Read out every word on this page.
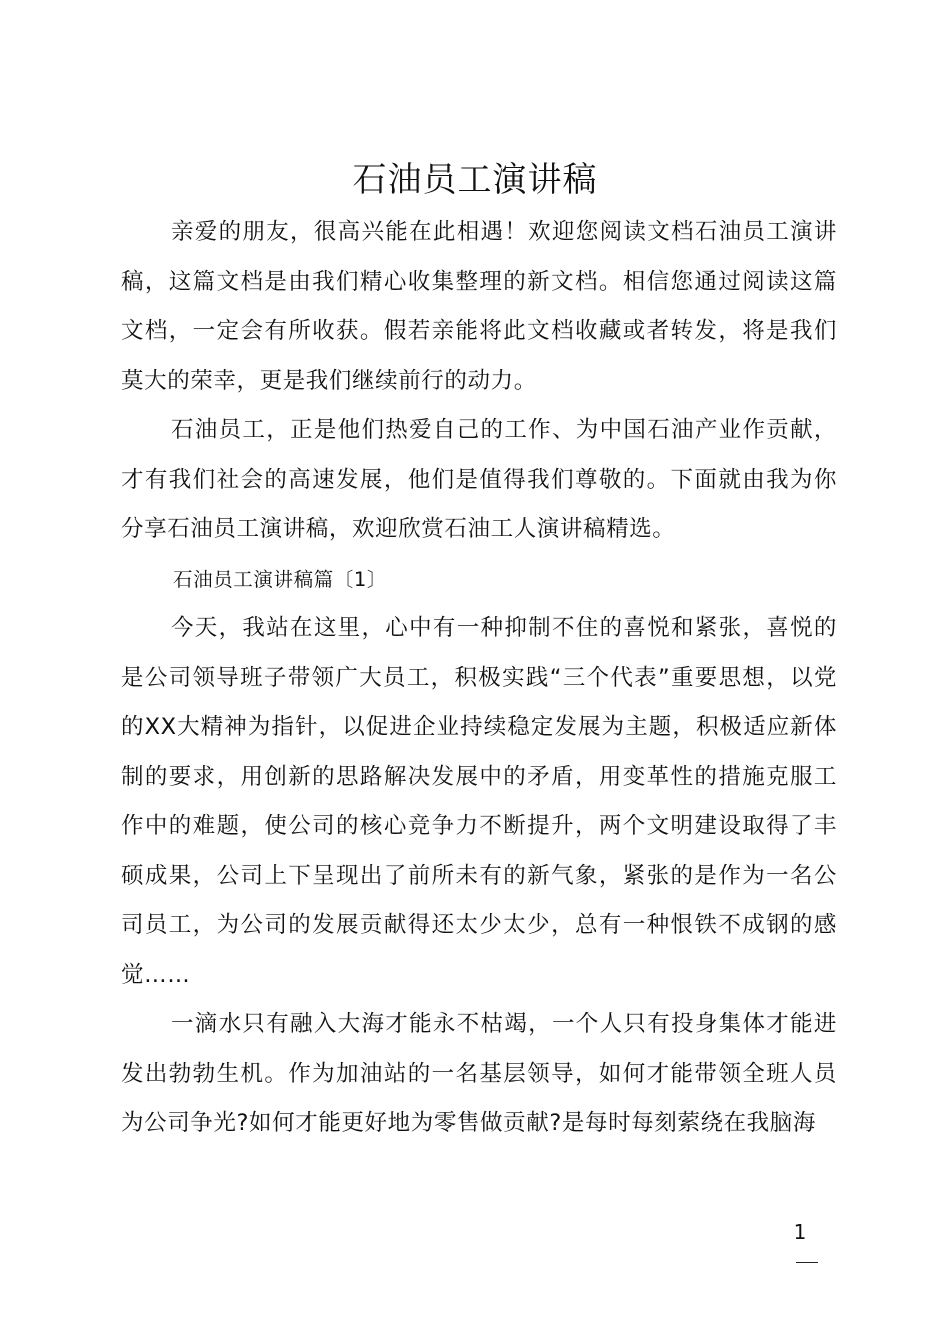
石油员工演讲稿

亲爱的朋友，很高兴能在此相遇！欢迎您阅读文档石油员工演讲稿，这篇文档是由我们精心收集整理的新文档。相信您通过阅读这篇文档，一定会有所收获。假若亲能将此文档收藏或者转发，将是我们莫大的荣幸，更是我们继续前行的动力。

石油员工，正是他们热爱自己的工作、为中国石油产业作贡献，才有我们社会的高速发展，他们是值得我们尊敬的。下面就由我为你分享石油员工演讲稿，欢迎欣赏石油工人演讲稿精选。

石油员工演讲稿篇〔1〕

今天，我站在这里，心中有一种抑制不住的喜悦和紧张，喜悦的是公司领导班子带领广大员工，积极实践“三个代表”重要思想，以党的XX大精神为指针，以促进企业持续稳定发展为主题，积极适应新体制的要求，用创新的思路解决发展中的矛盾，用变革性的措施克服工作中的难题，使公司的核心竞争力不断提升，两个文明建设取得了丰硕成果，公司上下呈现出了前所未有的新气象，紧张的是作为一名公司员工，为公司的发展贡献得还太少太少，总有一种恨铁不成钢的感觉……

一滴水只有融入大海才能永不枯竭，一个人只有投身集体才能进发出勃勃生机。作为加油站的一名基层领导，如何才能带领全班人员为公司争光?如何才能更好地为零售做贡献?是每时每刻萦绕在我脑海

1
